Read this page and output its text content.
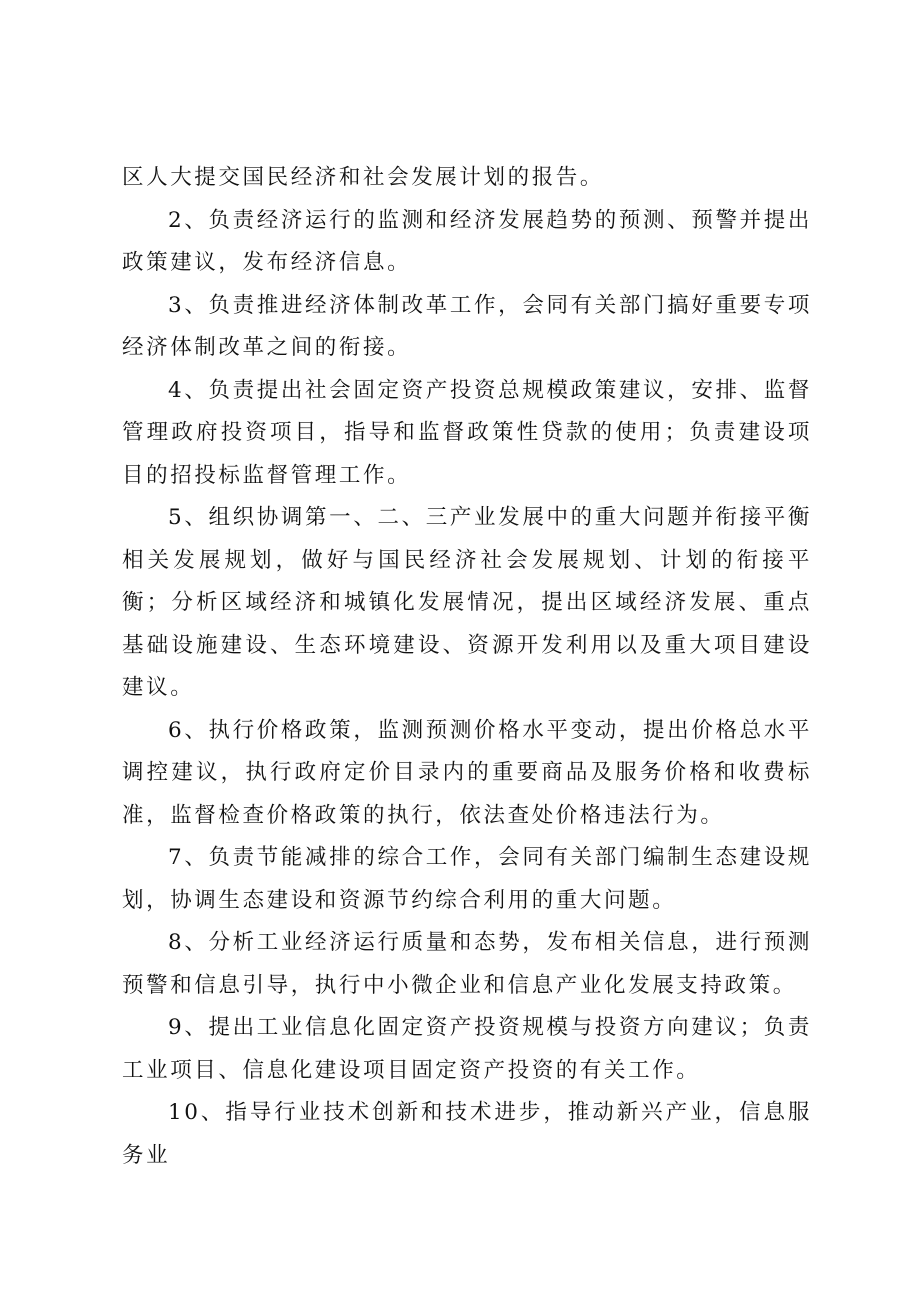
区人大提交国民经济和社会发展计划的报告。

2、负责经济运行的监测和经济发展趋势的预测、预警并提出政策建议，发布经济信息。

3、负责推进经济体制改革工作，会同有关部门搞好重要专项经济体制改革之间的衔接。

4、负责提出社会固定资产投资总规模政策建议，安排、监督管理政府投资项目，指导和监督政策性贷款的使用；负责建设项目的招投标监督管理工作。

5、组织协调第一、二、三产业发展中的重大问题并衔接平衡相关发展规划，做好与国民经济社会发展规划、计划的衔接平衡；分析区域经济和城镇化发展情况，提出区域经济发展、重点基础设施建设、生态环境建设、资源开发利用以及重大项目建设建议。

6、执行价格政策，监测预测价格水平变动，提出价格总水平调控建议，执行政府定价目录内的重要商品及服务价格和收费标准，监督检查价格政策的执行，依法查处价格违法行为。

7、负责节能减排的综合工作，会同有关部门编制生态建设规划，协调生态建设和资源节约综合利用的重大问题。

8、分析工业经济运行质量和态势，发布相关信息，进行预测预警和信息引导，执行中小微企业和信息产业化发展支持政策。

9、提出工业信息化固定资产投资规模与投资方向建议；负责工业项目、信息化建设项目固定资产投资的有关工作。

10、指导行业技术创新和技术进步，推动新兴产业，信息服务业
